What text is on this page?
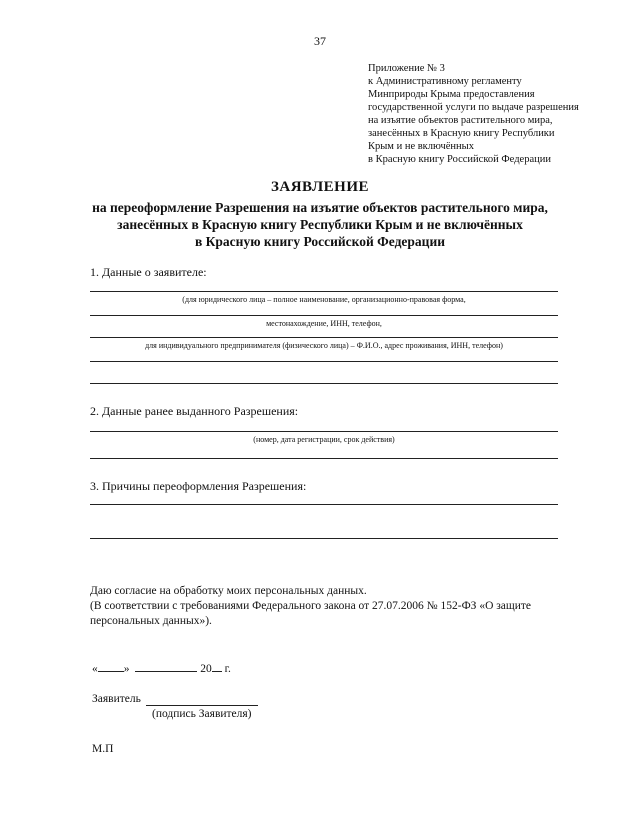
37
Приложение № 3
к Административному регламенту
Минприроды Крыма предоставления
государственной услуги по выдаче разрешения
на изъятие объектов растительного мира,
занесённых в Красную книгу Республики
Крым и не включённых
в Красную книгу Российской Федерации
ЗАЯВЛЕНИЕ
на переоформление Разрешения на изъятие объектов растительного мира,
занесённых в Красную книгу Республики Крым и не включённых
в Красную книгу Российской Федерации
1. Данные о заявителе:
(для юридического лица – полное наименование, организационно-правовая форма,
местонахождение, ИНН, телефон,
для индивидуального предпринимателя (физического лица) – Ф.И.О., адрес проживания, ИНН, телефон)
2. Данные ранее выданного Разрешения:
(номер, дата регистрации, срок действия)
3. Причины переоформления Разрешения:
Даю согласие на обработку моих персональных данных.
(В соответствии с требованиями Федерального закона от 27.07.2006 № 152-ФЗ «О защите персональных данных»).
« »	20 г.
Заявитель
(подпись Заявителя)
М.П
